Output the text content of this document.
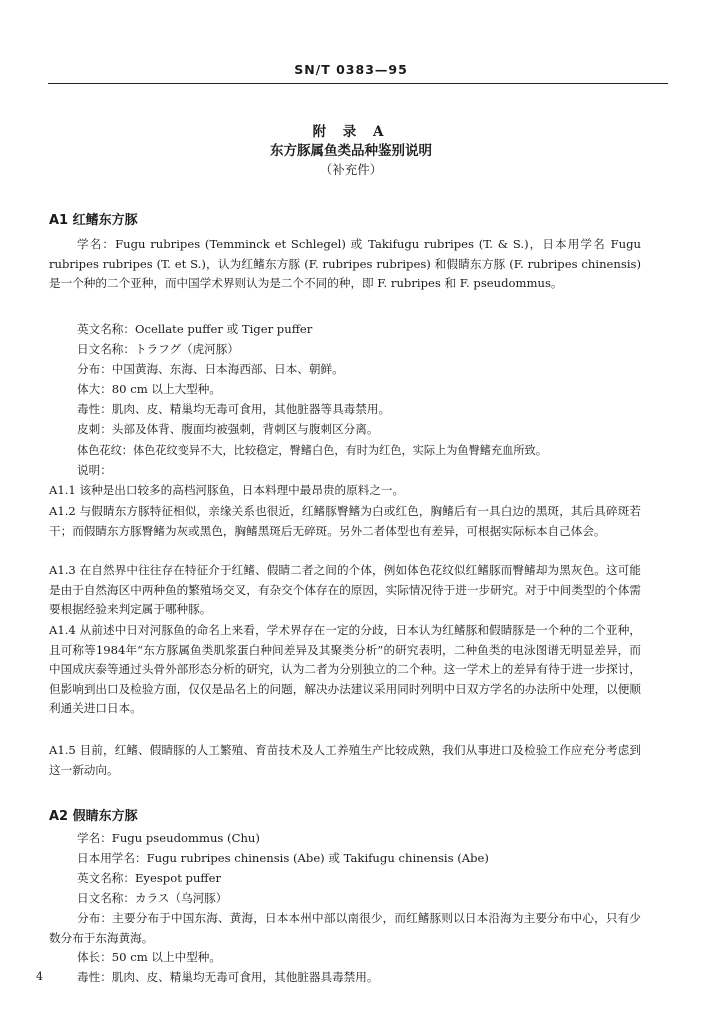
SN/T 0383—95
附 录 A
东方豚属鱼类品种鉴别说明
（补充件）
A1 红鳍东方豚
学名：Fugu rubripes (Temminck et Schlegel) 或 Takifugu rubripes (T. & S.)，日本用学名 Fugu rubripes rubripes (T. et S.)，认为红鳍东方豚 (F. rubripes rubripes) 和假睛东方豚 (F. rubripes chinensis) 是一个种的二个亚种，而中国学术界则认为是二个不同的种，即 F. rubripes 和 F. pseudommus。
英文名称：Ocellate puffer 或 Tiger puffer
日文名称：トラフグ（虎河豚）
分布：中国黄海、东海、日本海西部、日本、朝鲜。
体大：80 cm 以上大型种。
毒性：肌肉、皮、精巢均无毒可食用，其他脏器等具毒禁用。
皮刺：头部及体背、腹面均被强刺，背刺区与腹刺区分离。
体色花纹：体色花纹变异不大，比较稳定，臀鳍白色，有时为红色，实际上为鱼臀鳍充血所致。
说明：
A1.1 该种是出口较多的高档河豚鱼，日本料理中最昂贵的原料之一。
A1.2 与假睛东方豚特征相似，亲缘关系也很近，红鳍豚臀鳍为白或红色，胸鳍后有一具白边的黑斑，其后具碎斑若干；而假睛东方豚臀鳍为灰或黑色，胸鳍黑斑后无碎斑。另外二者体型也有差异，可根据实际标本自己体会。
A1.3 在自然界中往往存在特征介于红鳍、假睛二者之间的个体，例如体色花纹似红鳍豚而臀鳍却为黑灰色。这可能是由于自然海区中两种鱼的繁殖场交叉，有杂交个体存在的原因，实际情况待于进一步研究。对于中间类型的个体需要根据经验来判定属于哪种豚。
A1.4 从前述中日对河豚鱼的命名上来看，学术界存在一定的分歧，日本认为红鳍豚和假睛豚是一个种的二个亚种，且可称等1984年“东方豚属鱼类肌浆蛋白种间差异及其聚类分析”的研究表明，二种鱼类的电泳图谱无明显差异，而中国成庆泰等通过头骨外部形态分析的研究，认为二者为分别独立的二个种。这一学术上的差异有待于进一步探讨，但影响到出口及检验方面，仅仅是品名上的问题，解决办法建议采用同时列明中日双方学名的办法所中处理，以便顺利通关进口日本。
A1.5 目前，红鳍、假睛豚的人工繁殖、育苗技术及人工养殖生产比较成熟，我们从事进口及检验工作应充分考虑到这一新动向。
A2 假睛东方豚
学名：Fugu pseudommus (Chu)
日本用学名：Fugu rubripes chinensis (Abe) 或 Takifugu chinensis (Abe)
英文名称：Eyespot puffer
日文名称：カラス（乌河豚）
分布：主要分布于中国东海、黄海，日本本州中部以南很少，而红鳍豚则以日本沿海为主要分布中心，只有少数分布于东海黄海。
体长：50 cm 以上中型种。
毒性：肌肉、皮、精巢均无毒可食用，其他脏器具毒禁用。
4
